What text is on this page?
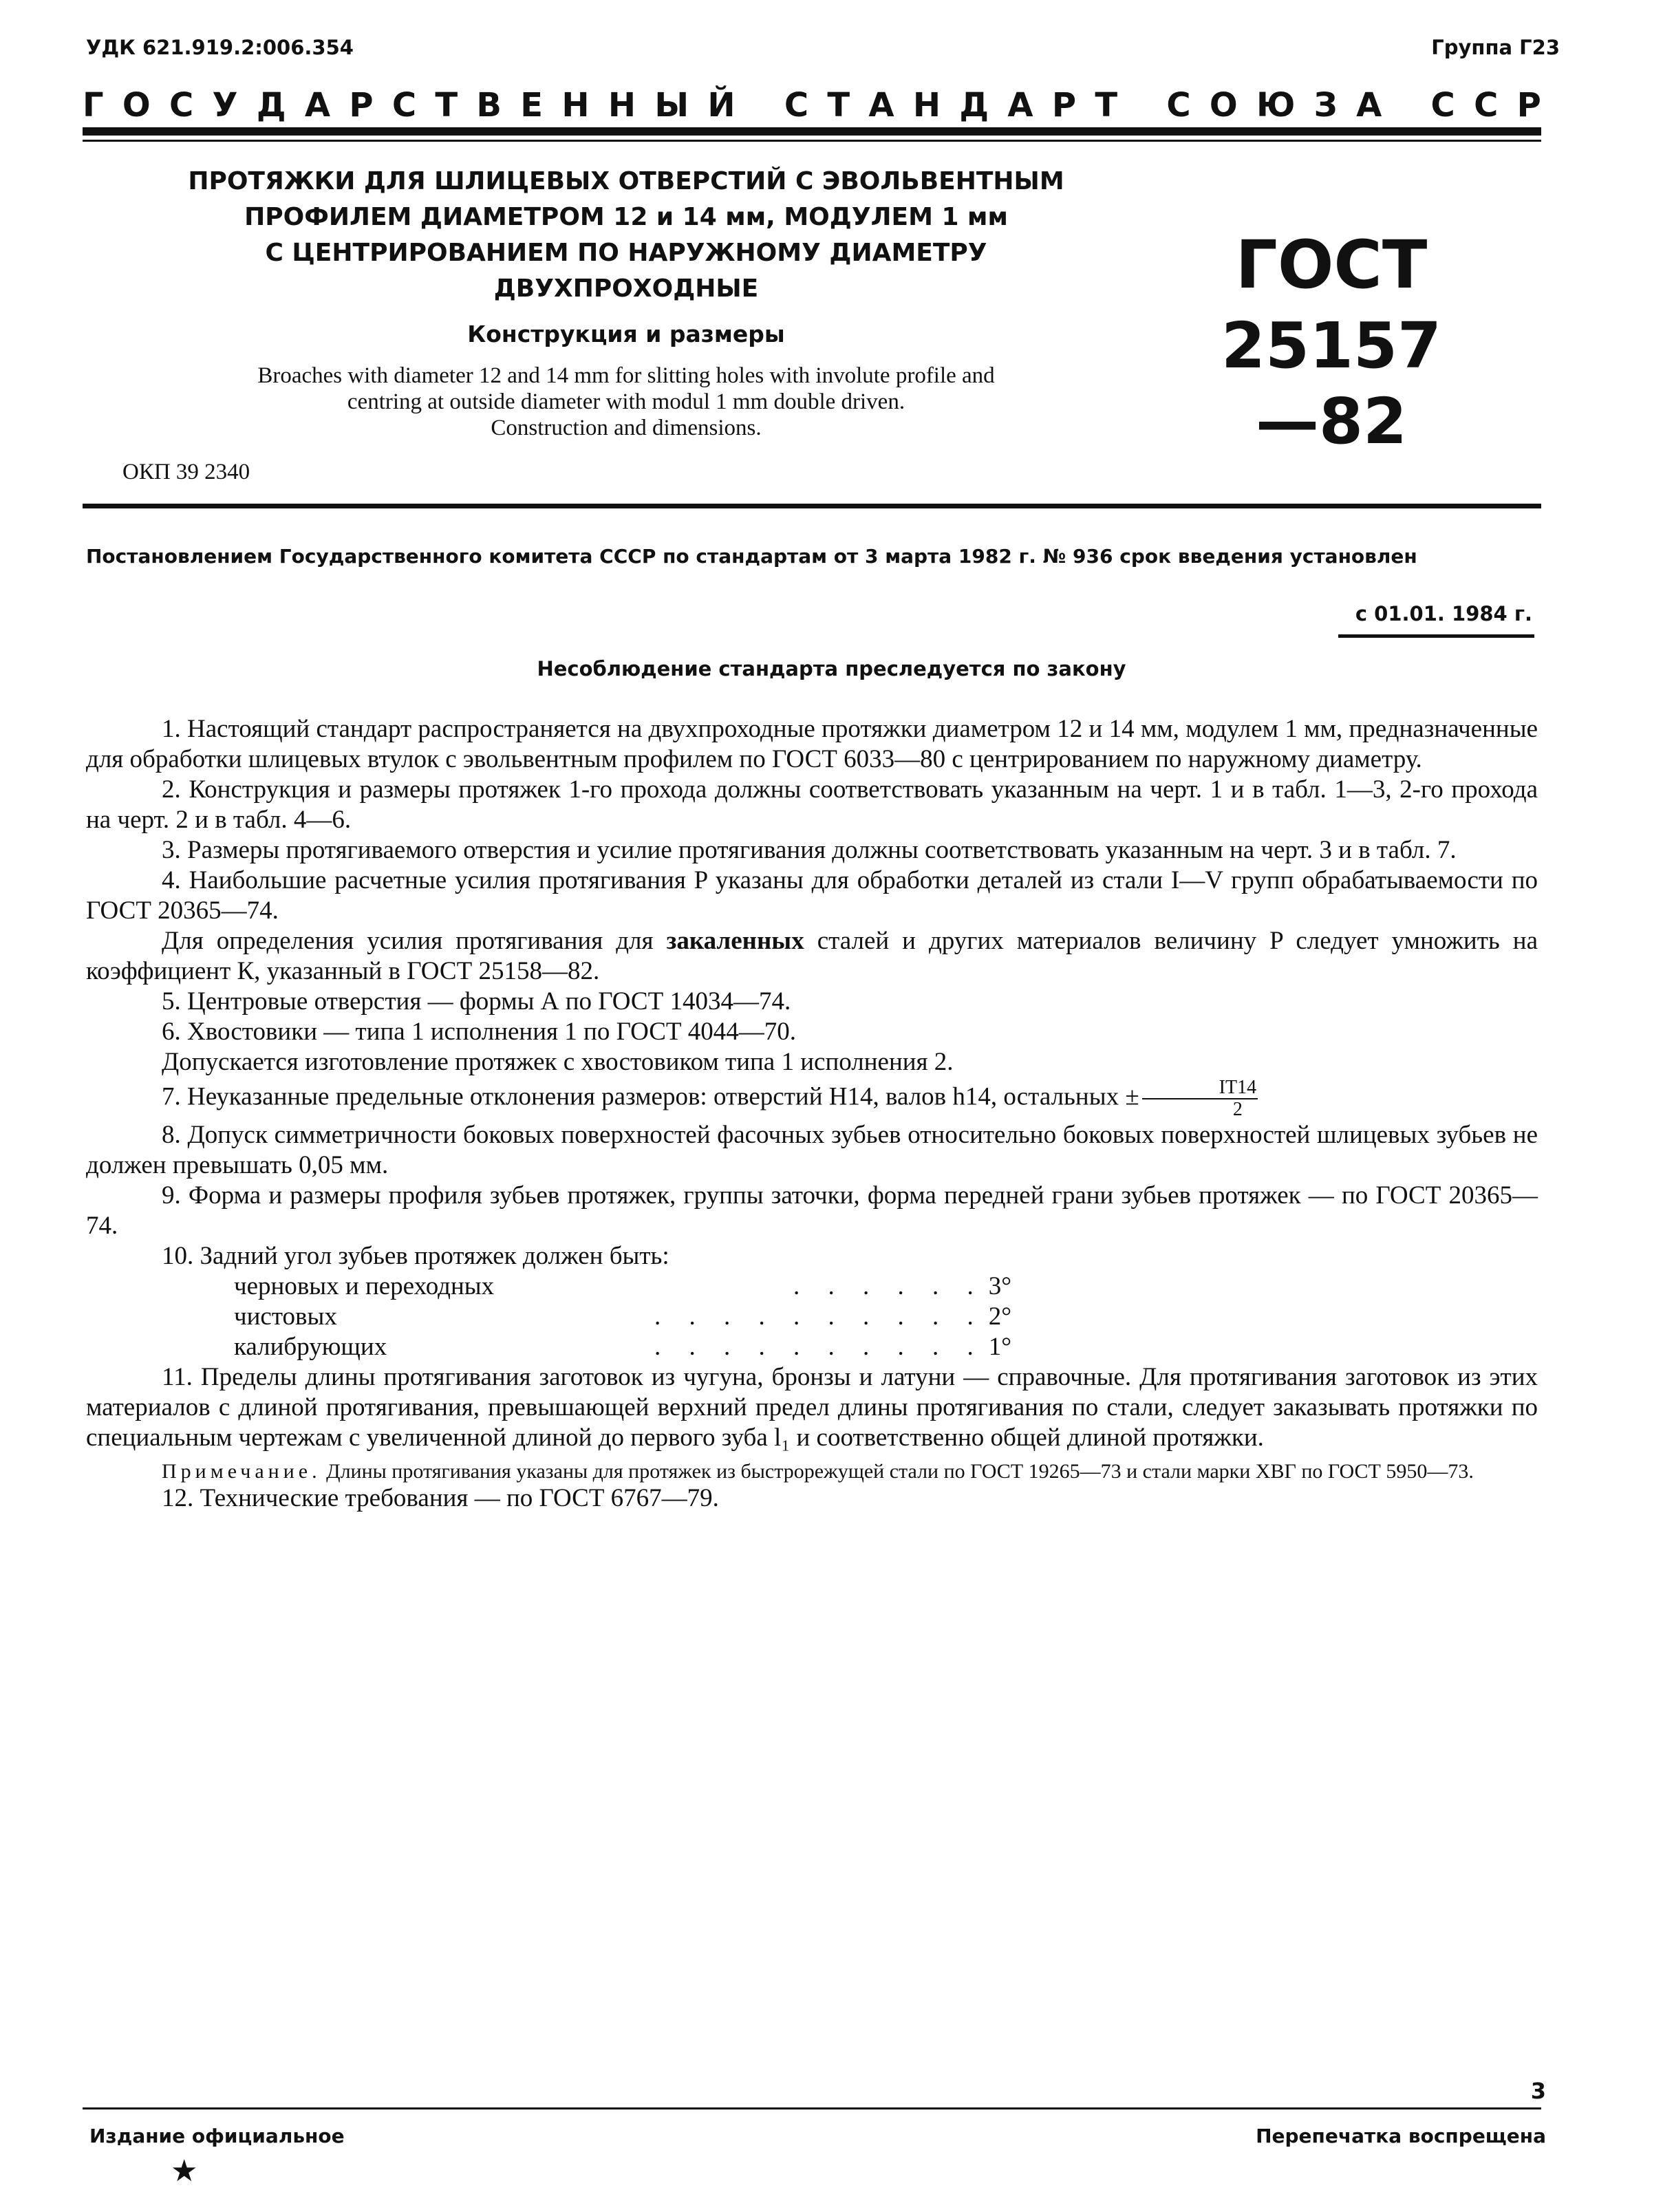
УДК 621.919.2:006.354	Группа Г23
Г О С У Д А Р С Т В Е Н Н Ы Й
С Т А Н Д А Р Т
С О Ю З А
С С Р
ПРОТЯЖКИ ДЛЯ ШЛИЦЕВЫХ ОТВЕРСТИЙ С ЭВОЛЬВЕНТНЫМ
ПРОФИЛЕМ ДИАМЕТРОМ 12 и 14 мм, МОДУЛЕМ 1 мм
С ЦЕНТРИРОВАНИЕМ ПО НАРУЖНОМУ ДИАМЕТРУ
ДВУХПРОХОДНЫЕ
Конструкция и размеры
Broaches with diameter 12 and 14 mm for slitting holes with involute profile and
centring at outside diameter with modul 1 mm double driven.
Construction and dimensions.
ГОСТ
25157—82
ОКП 39 2340
Постановлением Государственного комитета СССР по стандартам от 3 марта 1982 г. № 936 срок введения установлен
с 01.01. 1984 г.
Несоблюдение стандарта преследуется по закону

1. Настоящий стандарт распространяется на двухпроходные протяжки диаметром 12 и 14 мм, модулем 1 мм, предназначенные для обработки шлицевых втулок с эвольвентным профилем по ГОСТ 6033—80 с центрированием по наружному диаметру.

2. Конструкция и размеры протяжек 1-го прохода должны соответствовать указанным на черт. 1 и в табл. 1—3, 2-го прохода на черт. 2 и в табл. 4—6.

3. Размеры протягиваемого отверстия и усилие протягивания должны соответствовать указанным на черт. 3 и в табл. 7.

4. Наибольшие расчетные усилия протягивания P указаны для обработки деталей из стали I—V групп обрабатываемости по ГОСТ 20365—74.

Для определения усилия протягивания для закаленных сталей и других материалов величину P следует умножить на коэффициент К, указанный в ГОСТ 25158—82.

5. Центровые отверстия — формы А по ГОСТ 14034—74.

6. Хвостовики — типа 1 исполнения 1 по ГОСТ 4044—70.

Допускается изготовление протяжек с хвостовиком типа 1 исполнения 2.

7. Неуказанные предельные отклонения размеров: отверстий H14, валов h14, остальных ± $\frac{IT14}{2}$

8. Допуск симметричности боковых поверхностей фасочных зубьев относительно боковых поверхностей шлицевых зубьев не должен превышать 0,05 мм.

9. Форма и размеры профиля зубьев протяжек, группы заточки, форма передней грани зубьев протяжек — по ГОСТ 20365—74.

10. Задний угол зубьев протяжек должен быть:

черновых и переходных	. . . . . . 3°
чистовых	. . . . . . . . . . 2°
калибрующих	. . . . . . . . . . 1°

11. Пределы длины протягивания заготовок из чугуна, бронзы и латуни — справочные. Для протягивания заготовок из этих материалов с длиной протягивания, превышающей верхний предел длины протягивания по стали, следует заказывать протяжки по специальным чертежам с увеличенной длиной до первого зуба l₁ и соответственно общей длиной протяжки.

Примечание. Длины протягивания указаны для протяжек из быстрорежущей стали по ГОСТ 19265—73 и стали марки ХВГ по ГОСТ 5950—73.

12. Технические требования — по ГОСТ 6767—79.

Издание официальное
★
Перепечатка воспрещена
3
